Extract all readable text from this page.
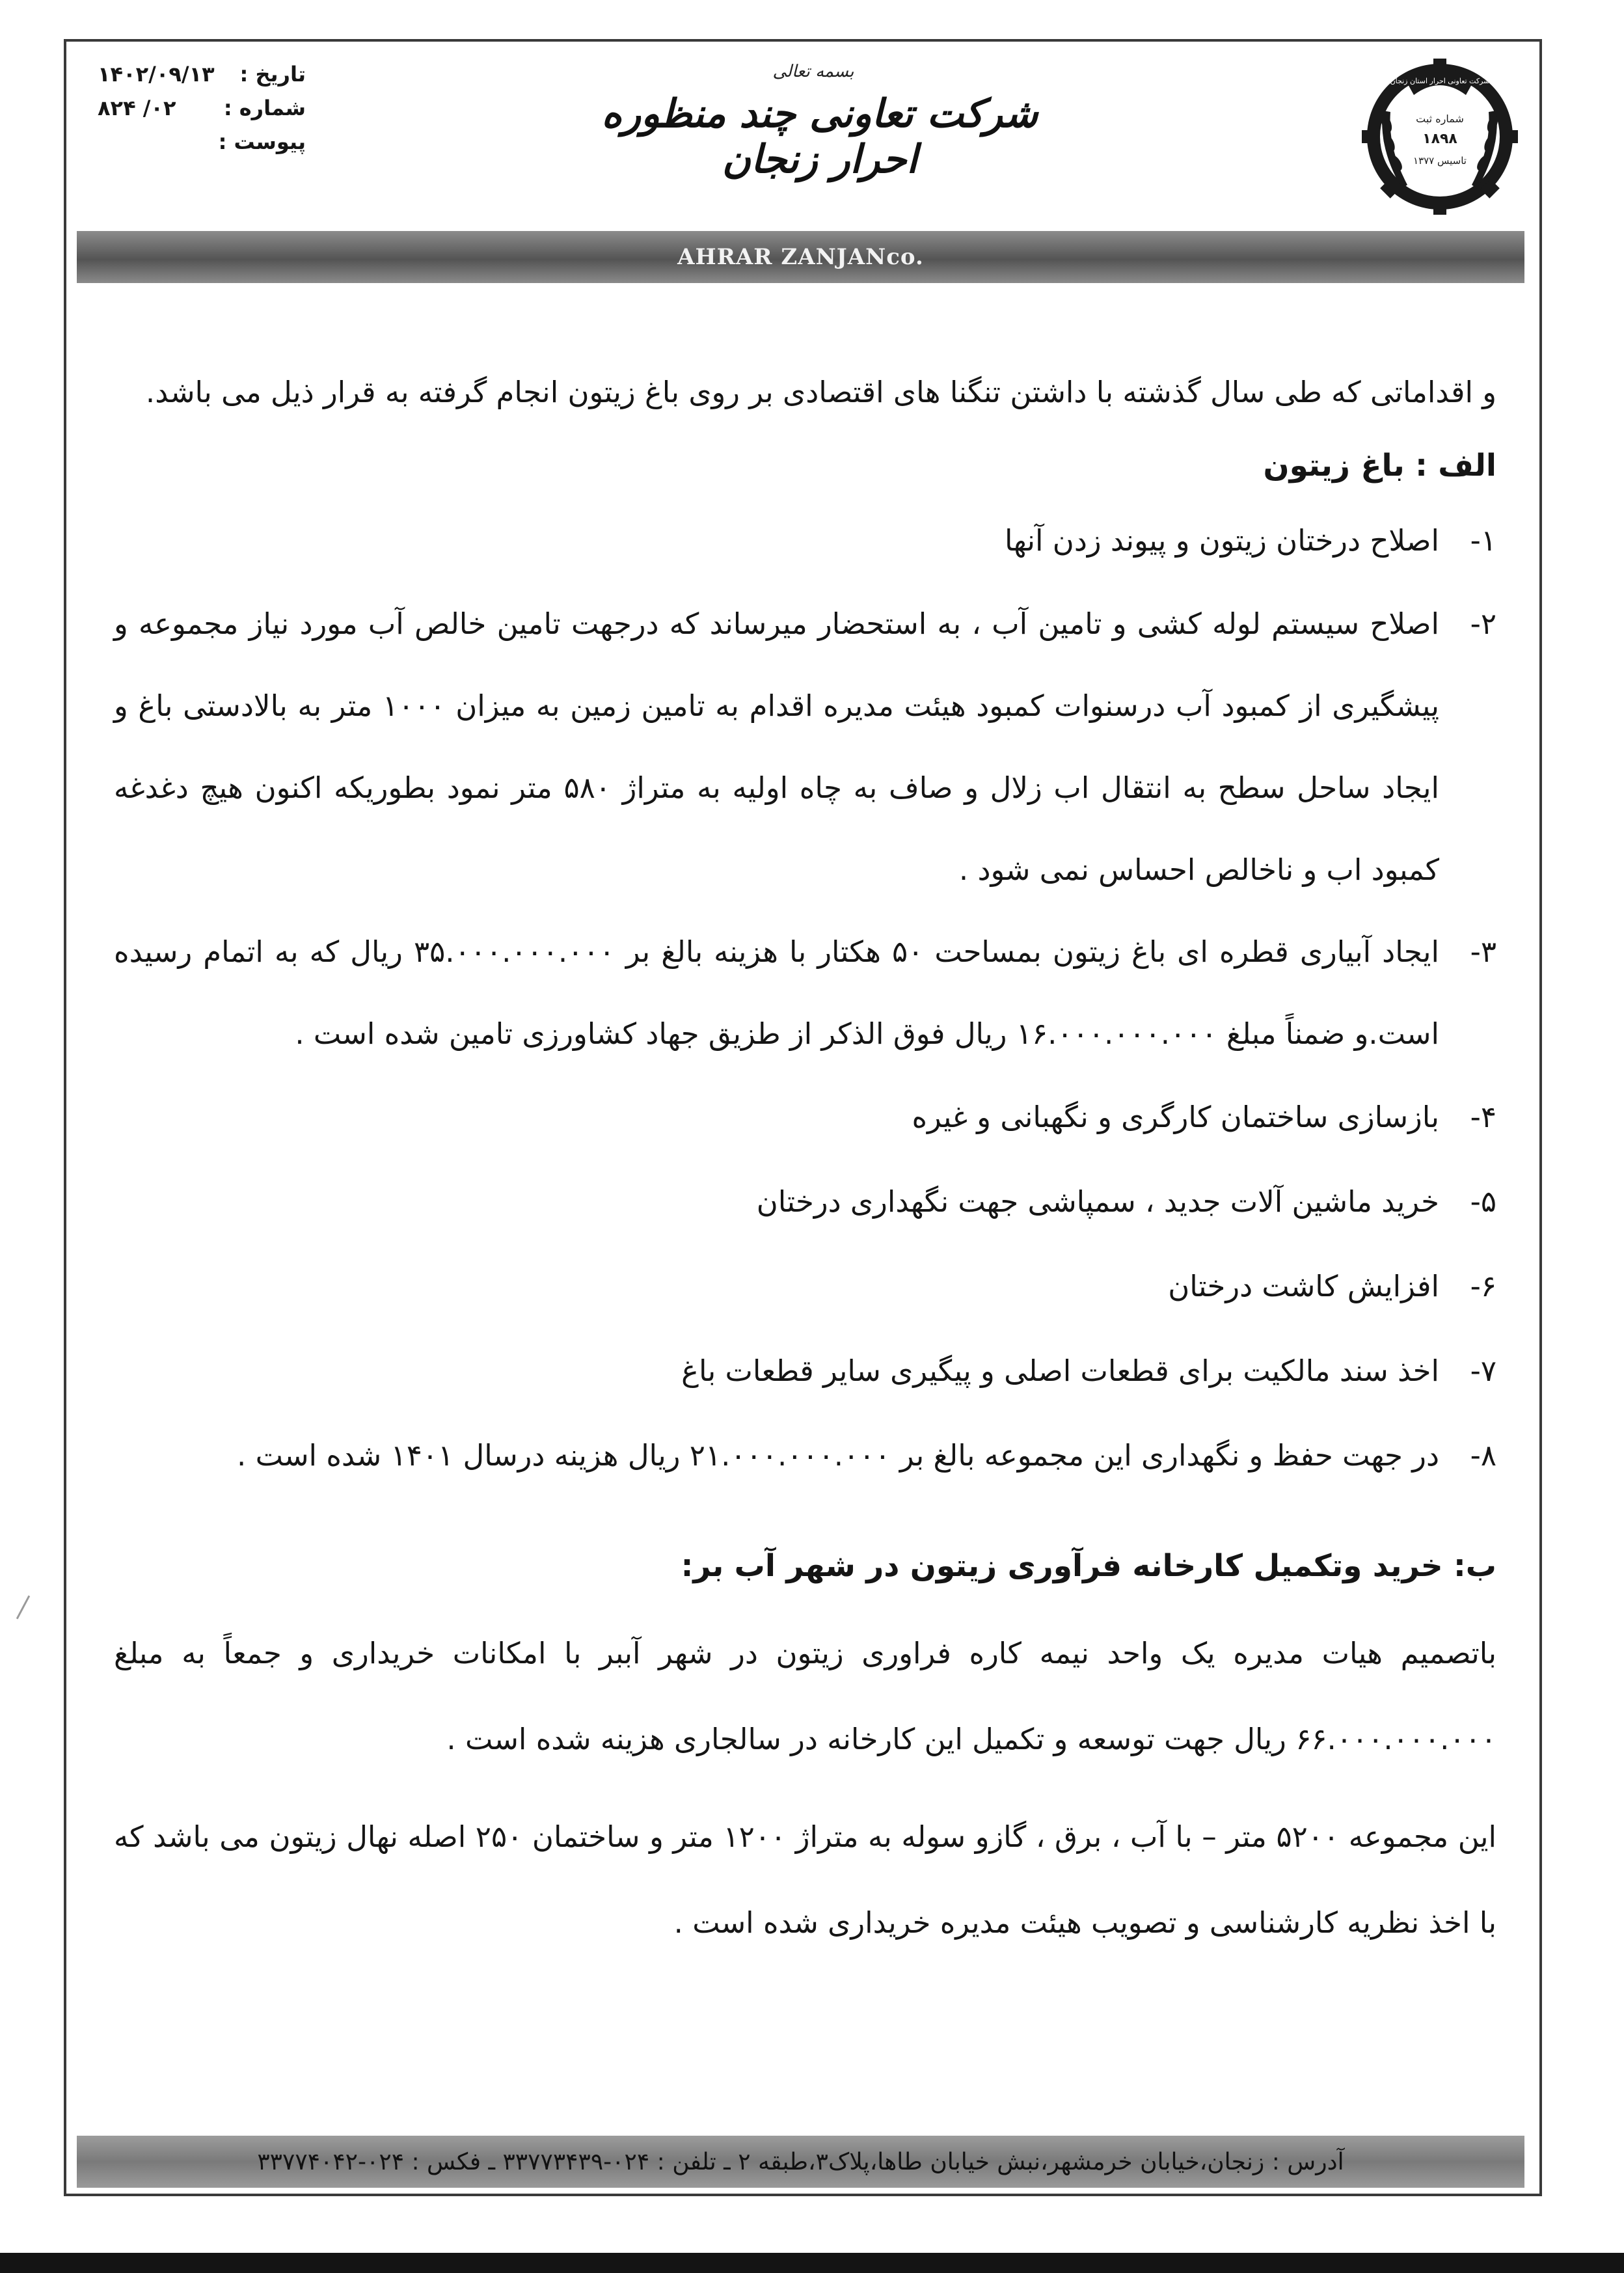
شرکت تعاونی احرار استان زنجان
شماره ثبت
۱۸۹۸
تاسیس ۱۳۷۷
بسمه تعالی
شرکت تعاونی چند منظوره احرار زنجان
۱۴۰۲/۰۹/۱۳ تاریخ :
۸۲۴ /۰۲ شماره :
پیوست :
AHRAR ZANJANco.

و اقداماتی که طی سال گذشته با داشتن تنگنا های اقتصادی بر روی باغ زیتون انجام گرفته به قرار ذیل می باشد.

الف : باغ زیتون

۱-
اصلاح درختان زیتون و پیوند زدن آنها
۲-
اصلاح سیستم لوله کشی و تامین آب ، به استحضار میرساند که درجهت تامین خالص آب مورد نیاز مجموعه و پیشگیری از کمبود آب درسنوات کمبود هیئت مدیره اقدام به تامین زمین به میزان ۱۰۰۰ متر به بالادستی باغ و ایجاد ساحل سطح به انتقال اب زلال و صاف به چاه اولیه به متراژ ۵۸۰ متر نمود بطوریکه اکنون هیچ دغدغه کمبود اب و ناخالص احساس نمی شود .
۳-
ایجاد آبیاری قطره ای باغ زیتون بمساحت ۵۰ هکتار با هزینه بالغ بر ۳۵.۰۰۰.۰۰۰.۰۰۰ ریال که به اتمام رسیده است.و ضمناً مبلغ ۱۶.۰۰۰.۰۰۰.۰۰۰ ریال فوق الذکر از طزیق جهاد کشاورزی تامین شده است .
۴-
بازسازی ساختمان کارگری و نگهبانی و غیره
۵-
خرید ماشین آلات جدید ، سمپاشی جهت نگهداری درختان
۶-
افزایش کاشت درختان
۷-
اخذ سند مالکیت برای قطعات اصلی و پیگیری سایر قطعات باغ
۸-
در جهت حفظ و نگهداری این مجموعه بالغ بر ۲۱.۰۰۰.۰۰۰.۰۰۰ ریال هزینه درسال ۱۴۰۱ شده است .

ب: خرید وتکمیل کارخانه فرآوری زیتون در شهر آب بر:

باتصمیم هیات مدیره یک واحد نیمه کاره فراوری زیتون در شهر آببر با امکانات خریداری و جمعاً به مبلغ ۶۶.۰۰۰.۰۰۰.۰۰۰ ریال جهت توسعه و تکمیل این کارخانه در سالجاری هزینه شده است .

این مجموعه ۵۲۰۰ متر – با آب ، برق ، گازو سوله به متراژ ۱۲۰۰ متر و ساختمان ۲۵۰ اصله نهال زیتون می باشد که با اخذ نظریه کارشناسی و تصویب هیئت مدیره خریداری شده است .

آدرس : زنجان،خیابان خرمشهر،نبش خیابان طاها،پلاک۳،طبقه ۲ ـ تلفن : ۰۲۴-۳۳۷۷۳۴۳۹ ـ فکس : ۰۲۴-۳۳۷۷۴۰۴۲
